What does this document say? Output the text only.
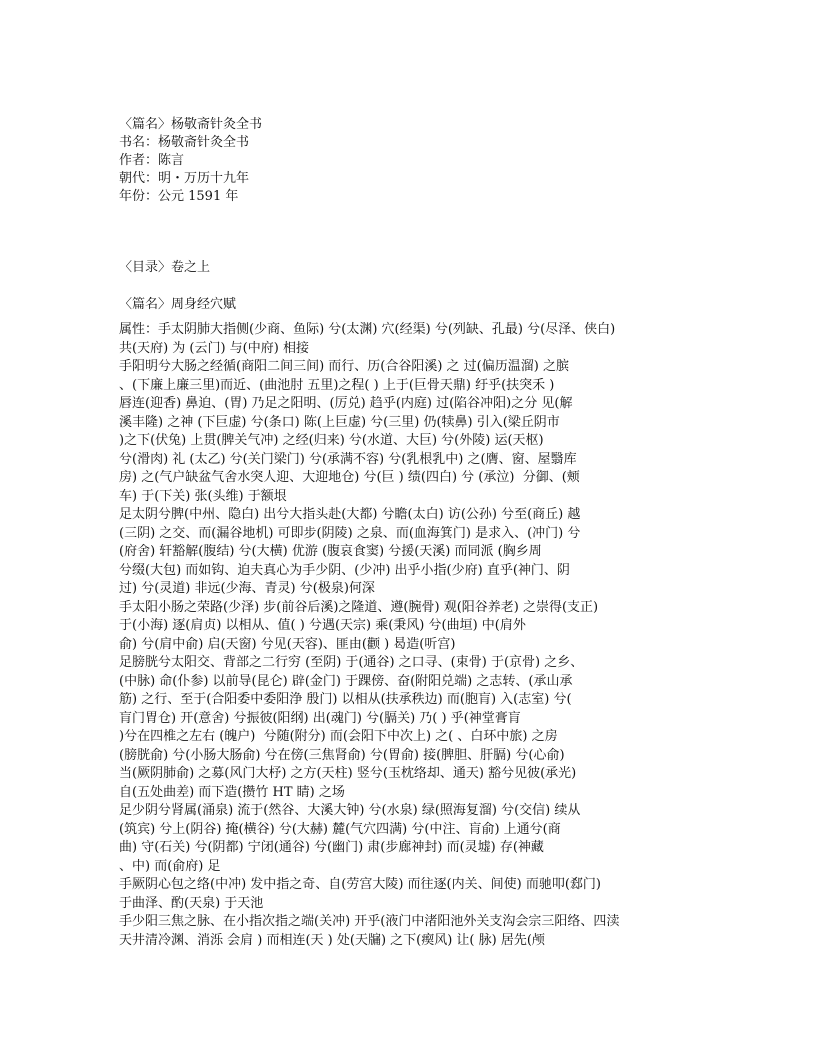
〈篇名〉杨敬斋针灸全书
书名：杨敬斋针灸全书
作者：陈言
朝代：明・万历十九年
年份：公元 1591 年
〈目录〉卷之上
〈篇名〉周身经穴赋
属性：手太阴肺大指侧(少商、鱼际) 兮(太渊) 穴(经渠) 兮(列缺、孔最) 兮(尽泽、侠白)
共(天府) 为 (云门) 与(中府) 相接
手阳明兮大肠之经循(商阳二间三间) 而行、历(合谷阳溪) 之 过(偏历温溜) 之膑
、(下廉上廉三里)而近、(曲池肘 五里)之程( ) 上于(巨骨天鼎) 纡乎(扶突禾 )
唇连(迎香) 鼻迫、(胃) 乃足之阳明、(厉兑) 趋乎(内庭) 过(陷谷冲阳)之分 见(解
溪丰隆) 之神 (下巨虚) 兮(条口) 陈(上巨虚) 兮(三里) 仍(犊鼻) 引入(梁丘阴市
)之下(伏兔) 上贯(脾关气冲) 之经(归来) 兮(水道、大巨) 兮(外陵) 运(天枢)
兮(滑肉) 礼 (太乙) 兮(关门梁门) 兮(承满不容) 兮(乳根乳中) 之(膺、窗、屋翳库
房) 之(气户缺盆气舍水突人迎、大迎地仓) 兮(巨 ) 绩(四白) 兮 (承泣)  分御、(颊
车) 于(下关) 张(头维) 于额垠
足太阴兮脾(中州、隐白) 出兮大指头赴(大都) 兮瞻(太白) 访(公孙) 兮至(商丘) 越
(三阴) 之交、而(漏谷地机) 可即步(阴陵) 之泉、而(血海箕门) 是求入、(冲门) 兮
(府舍) 轩豁解(腹结) 兮(大横) 优游 (腹哀食窦) 兮援(天溪) 而同派 (胸乡周
兮缀(大包) 而如钩、迫夫真心为手少阴、(少冲) 出乎小指(少府) 直乎(神门、阴
过) 兮(灵道) 非远(少海、青灵) 兮(极泉)何深
手太阳小肠之荣路(少泽) 步(前谷后溪)之隆道、遵(腕骨) 观(阳谷养老) 之崇得(支正)
于(小海) 逐(肩贞) 以相从、值( ) 兮遇(天宗) 乘(秉风) 兮(曲垣) 中(肩外
俞) 兮(肩中俞) 启(天窗) 兮见(天容)、匪由(颧 ) 曷造(听宫)
足膀胱兮太阳交、背部之二行穷 (至阴) 于(通谷) 之口寻、(束骨) 于(京骨) 之乡、
(中脉) 命(仆参) 以前导(昆仑) 辟(金门) 于踝傍、奋(附阳兑端) 之志转、(承山承
筋) 之行、至于(合阳委中委阳浄 殷门) 以相从(扶承秩边) 而(胞肓) 入(志室) 兮(
肓门胃仓) 开(意舍) 兮振彼(阳纲) 出(魂门) 兮(膈关) 乃( ) 乎(神堂膏肓
)兮在四椎之左右 (魄户)  兮随(附分) 而(会阳下中次上) 之( 、白环中旅) 之房
(膀胱俞) 兮(小肠大肠俞) 兮在傍(三焦肾俞) 兮(胃俞) 接(脾胆、肝膈) 兮(心俞)
当(厥阴肺俞) 之募(风门大杼) 之方(天柱) 竖兮(玉枕络却、通天) 豁兮见彼(承光)
自(五处曲差) 而下造(攒竹 HT 睛) 之场
足少阴兮肾属(涌泉) 流于(然谷、大溪大钟) 兮(水泉) 绿(照海复溜) 兮(交信) 续从
(筑宾) 兮上(阴谷) 掩(横谷) 兮(大赫) 麓(气穴四满) 兮(中注、肓俞) 上通兮(商
曲) 守(石关) 兮(阴都) 宁闭(通谷) 兮(幽门) 肃(步廊神封) 而(灵墟) 存(神藏
、中) 而(俞府) 足
手厥阴心包之络(中冲) 发中指之奇、自(劳宫大陵) 而往逐(内关、间使) 而驰叩(郄门)
于曲泽、酌(天泉) 于天池
手少阳三焦之脉、在小指次指之端(关冲) 开乎(液门中渚阳池外关支沟会宗三阳络、四渎
天井清冷渊、消泺 会肩 ) 而相连(天 ) 处(天牖) 之下(瘈风) 让( 脉) 居先(颅
